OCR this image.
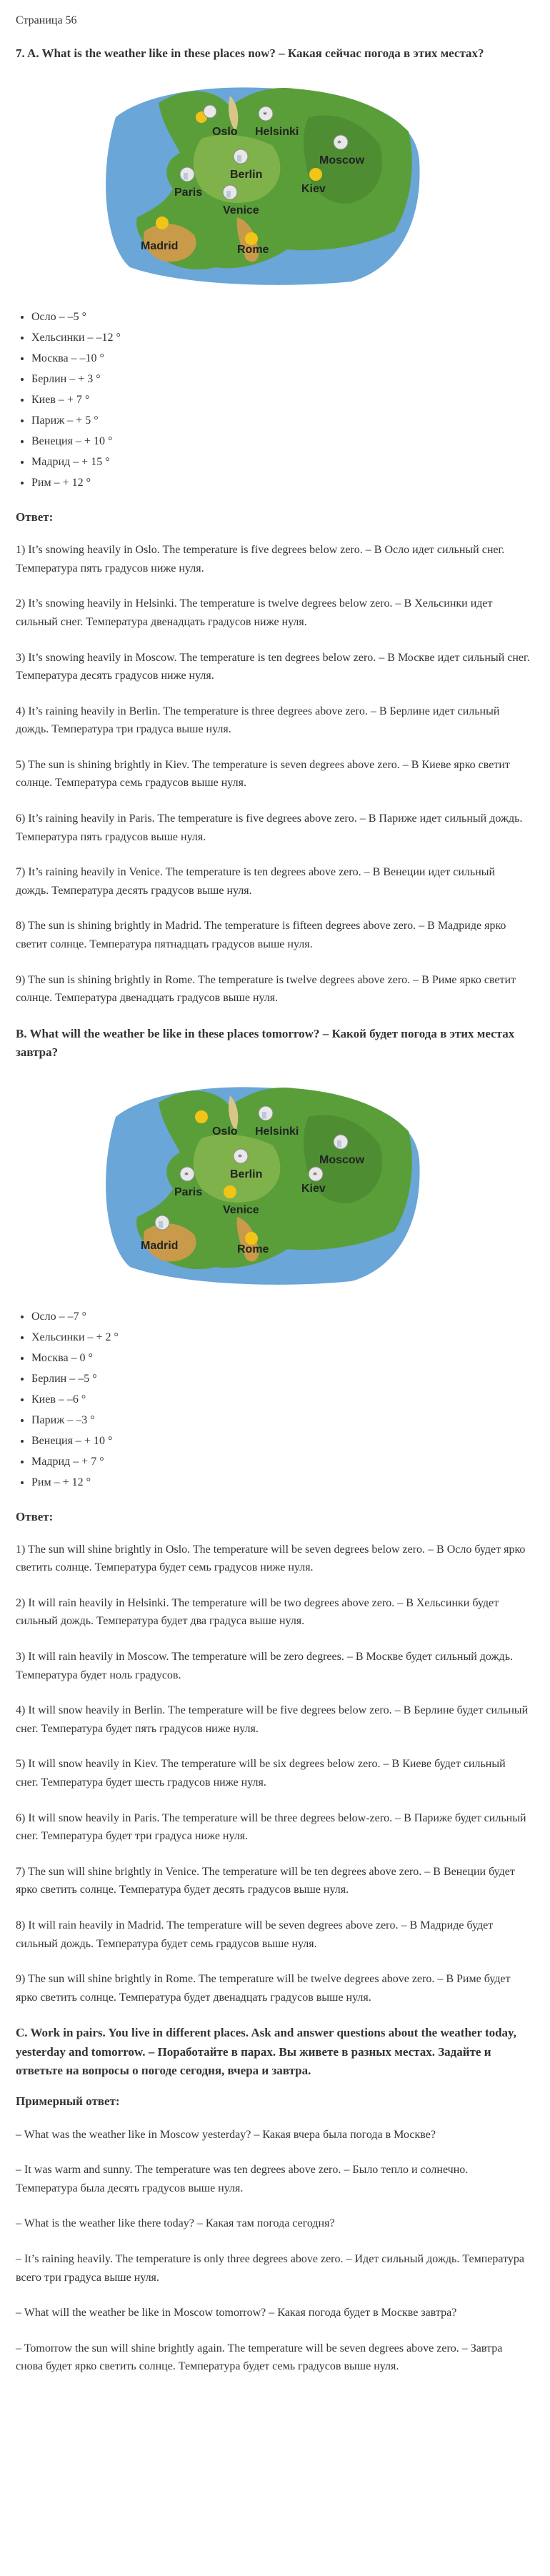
Страница 56
7. A. What is the weather like in these places now? – Какая сейчас погода в этих местах?
*
*
|||
|||
|||
Oslo Helsinki
Moscow
Berlin
Paris	Kiev
Venice
Madrid	Rome
• Осло – –5 °
• Хельсинки – –12 °
• Москва – –10 °
• Берлин – + 3 °
• Киев – + 7 °
• Париж – + 5 °
• Венеция – + 10 °
• Мадрид – + 15 °
• Рим – + 12 °
Ответ:

1) It’s snowing heavily in Oslo. The temperature is five degrees below zero. – В Осло идет сильный снег. Температура пять градусов ниже нуля.

2) It’s snowing heavily in Helsinki. The temperature is twelve degrees below zero. – В Хельсинки идет сильный снег. Температура двенадцать градусов ниже нуля.

3) It’s snowing heavily in Moscow. The temperature is ten degrees below zero. – В Москве идет сильный снег. Температура десять градусов ниже нуля.

4) It’s raining heavily in Berlin. The temperature is three degrees above zero. – В Берлине идет сильный дождь. Температура три градуса выше нуля.

5) The sun is shining brightly in Kiev. The temperature is seven degrees above zero. – В Киеве ярко светит солнце. Температура семь градусов выше нуля.

6) It’s raining heavily in Paris. The temperature is five degrees above zero. – В Париже идет сильный дождь. Температура пять градусов выше нуля.

7) It’s raining heavily in Venice. The temperature is ten degrees above zero. – В Венеции идет сильный дождь. Температура десять градусов выше нуля.

8) The sun is shining brightly in Madrid. The temperature is fifteen degrees above zero. – В Мадриде ярко светит солнце. Температура пятнадцать градусов выше нуля.

9) The sun is shining brightly in Rome. The temperature is twelve degrees above zero. – В Риме ярко светит солнце. Температура двенадцать градусов выше нуля.

B. What will the weather be like in these places tomorrow? – Какой будет погода в этих местах завтра?
|||
|||
*
*
*
|||
Oslo Helsinki
Moscow
Berlin
Paris	Kiev
Venice
Madrid	Rome
• Осло – –7 °
• Хельсинки – + 2 °
• Москва – 0 °
• Берлин – –5 °
• Киев – –6 °
• Париж – –3 °
• Венеция – + 10 °
• Мадрид – + 7 °
• Рим – + 12 °
Ответ:

1) The sun will shine brightly in Oslo. The temperature will be seven degrees below zero. – В Осло будет ярко светить солнце. Температура будет семь градусов ниже нуля.

2) It will rain heavily in Helsinki. The temperature will be two degrees above zero. – В Хельсинки будет сильный дождь. Температура будет два градуса выше нуля.

3) It will rain heavily in Moscow. The temperature will be zero degrees. – В Москве будет сильный дождь. Температура будет ноль градусов.

4) It will snow heavily in Berlin. The temperature will be five degrees below zero. – В Берлине будет сильный снег. Температура будет пять градусов ниже нуля.

5) It will snow heavily in Kiev. The temperature will be six degrees below zero. – В Киеве будет сильный снег. Температура будет шесть градусов ниже нуля.

6) It will snow heavily in Paris. The temperature will be three degrees below-zero. – В Париже будет сильный снег. Температура будет три градуса ниже нуля.

7) The sun will shine brightly in Venice. The temperature will be ten degrees above zero. – В Венеции будет ярко светить солнце. Температура будет десять градусов выше нуля.

8) It will rain heavily in Madrid. The temperature will be seven degrees above zero. – В Мадриде будет сильный дождь. Температура будет семь градусов выше нуля.

9) The sun will shine brightly in Rome. The temperature will be twelve degrees above zero. – В Риме будет ярко светить солнце. Температура будет двенадцать градусов выше нуля.

C. Work in pairs. You live in different places. Ask and answer questions about the weather today, yesterday and tomorrow. – Поработайте в парах. Вы живете в разных местах. Задайте и ответьте на вопросы о погоде сегодня, вчера и завтра.
Примерный ответ:

– What was the weather like in Moscow yesterday? – Какая вчера была погода в Москве?

– It was warm and sunny. The temperature was ten degrees above zero. – Было тепло и солнечно. Температура была десять градусов выше нуля.

– What is the weather like there today? – Какая там погода сегодня?

– It’s raining heavily. The temperature is only three degrees above zero. – Идет сильный дождь. Температура всего три градуса выше нуля.

– What will the weather be like in Moscow tomorrow? – Какая погода будет в Москве завтра?

– Tomorrow the sun will shine brightly again. The temperature will be seven degrees above zero. – Завтра снова будет ярко светить солнце. Температура будет семь градусов выше нуля.
